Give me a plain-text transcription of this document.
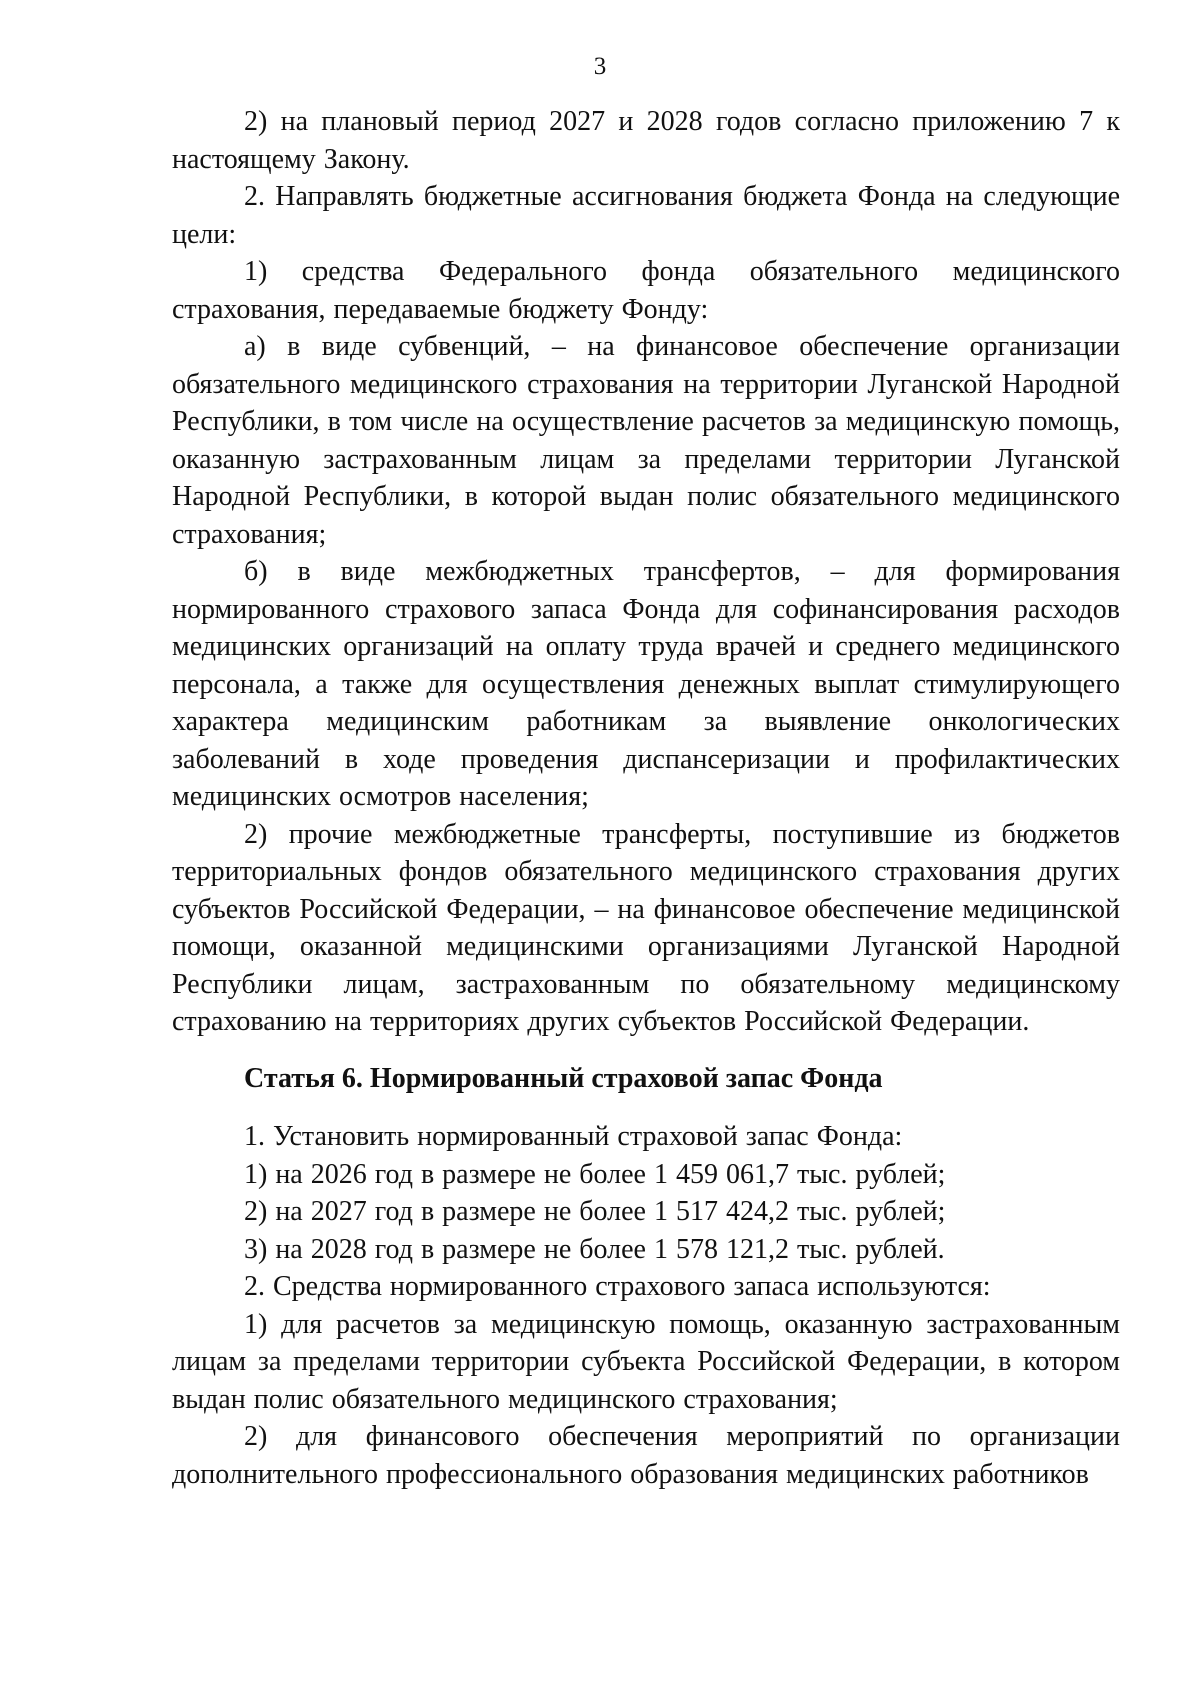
3

2) на плановый период 2027 и 2028 годов согласно приложению 7 к настоящему Закону.

2. Направлять бюджетные ассигнования бюджета Фонда на следующие цели:

1) средства Федерального фонда обязательного медицинского страхования, передаваемые бюджету Фонду:

а) в виде субвенций, – на финансовое обеспечение организации обязательного медицинского страхования на территории Луганской Народной Республики, в том числе на осуществление расчетов за медицинскую помощь, оказанную застрахованным лицам за пределами территории Луганской Народной Республики, в которой выдан полис обязательного медицинского страхования;

б) в виде межбюджетных трансфертов, – для формирования нормированного страхового запаса Фонда для софинансирования расходов медицинских организаций на оплату труда врачей и среднего медицинского персонала, а также для осуществления денежных выплат стимулирующего характера медицинским работникам за выявление онкологических заболеваний в ходе проведения диспансеризации и профилактических медицинских осмотров населения;

2) прочие межбюджетные трансферты, поступившие из бюджетов территориальных фондов обязательного медицинского страхования других субъектов Российской Федерации, – на финансовое обеспечение медицинской помощи, оказанной медицинскими организациями Луганской Народной Республики лицам, застрахованным по обязательному медицинскому страхованию на территориях других субъектов Российской Федерации.

Статья 6. Нормированный страховой запас Фонда

1. Установить нормированный страховой запас Фонда:

1) на 2026 год в размере не более 1 459 061,7 тыс. рублей;

2) на 2027 год в размере не более 1 517 424,2 тыс. рублей;

3) на 2028 год в размере не более 1 578 121,2 тыс. рублей.

2. Средства нормированного страхового запаса используются:

1) для расчетов за медицинскую помощь, оказанную застрахованным лицам за пределами территории субъекта Российской Федерации, в котором выдан полис обязательного медицинского страхования;

2) для финансового обеспечения мероприятий по организации дополнительного профессионального образования медицинских работников
